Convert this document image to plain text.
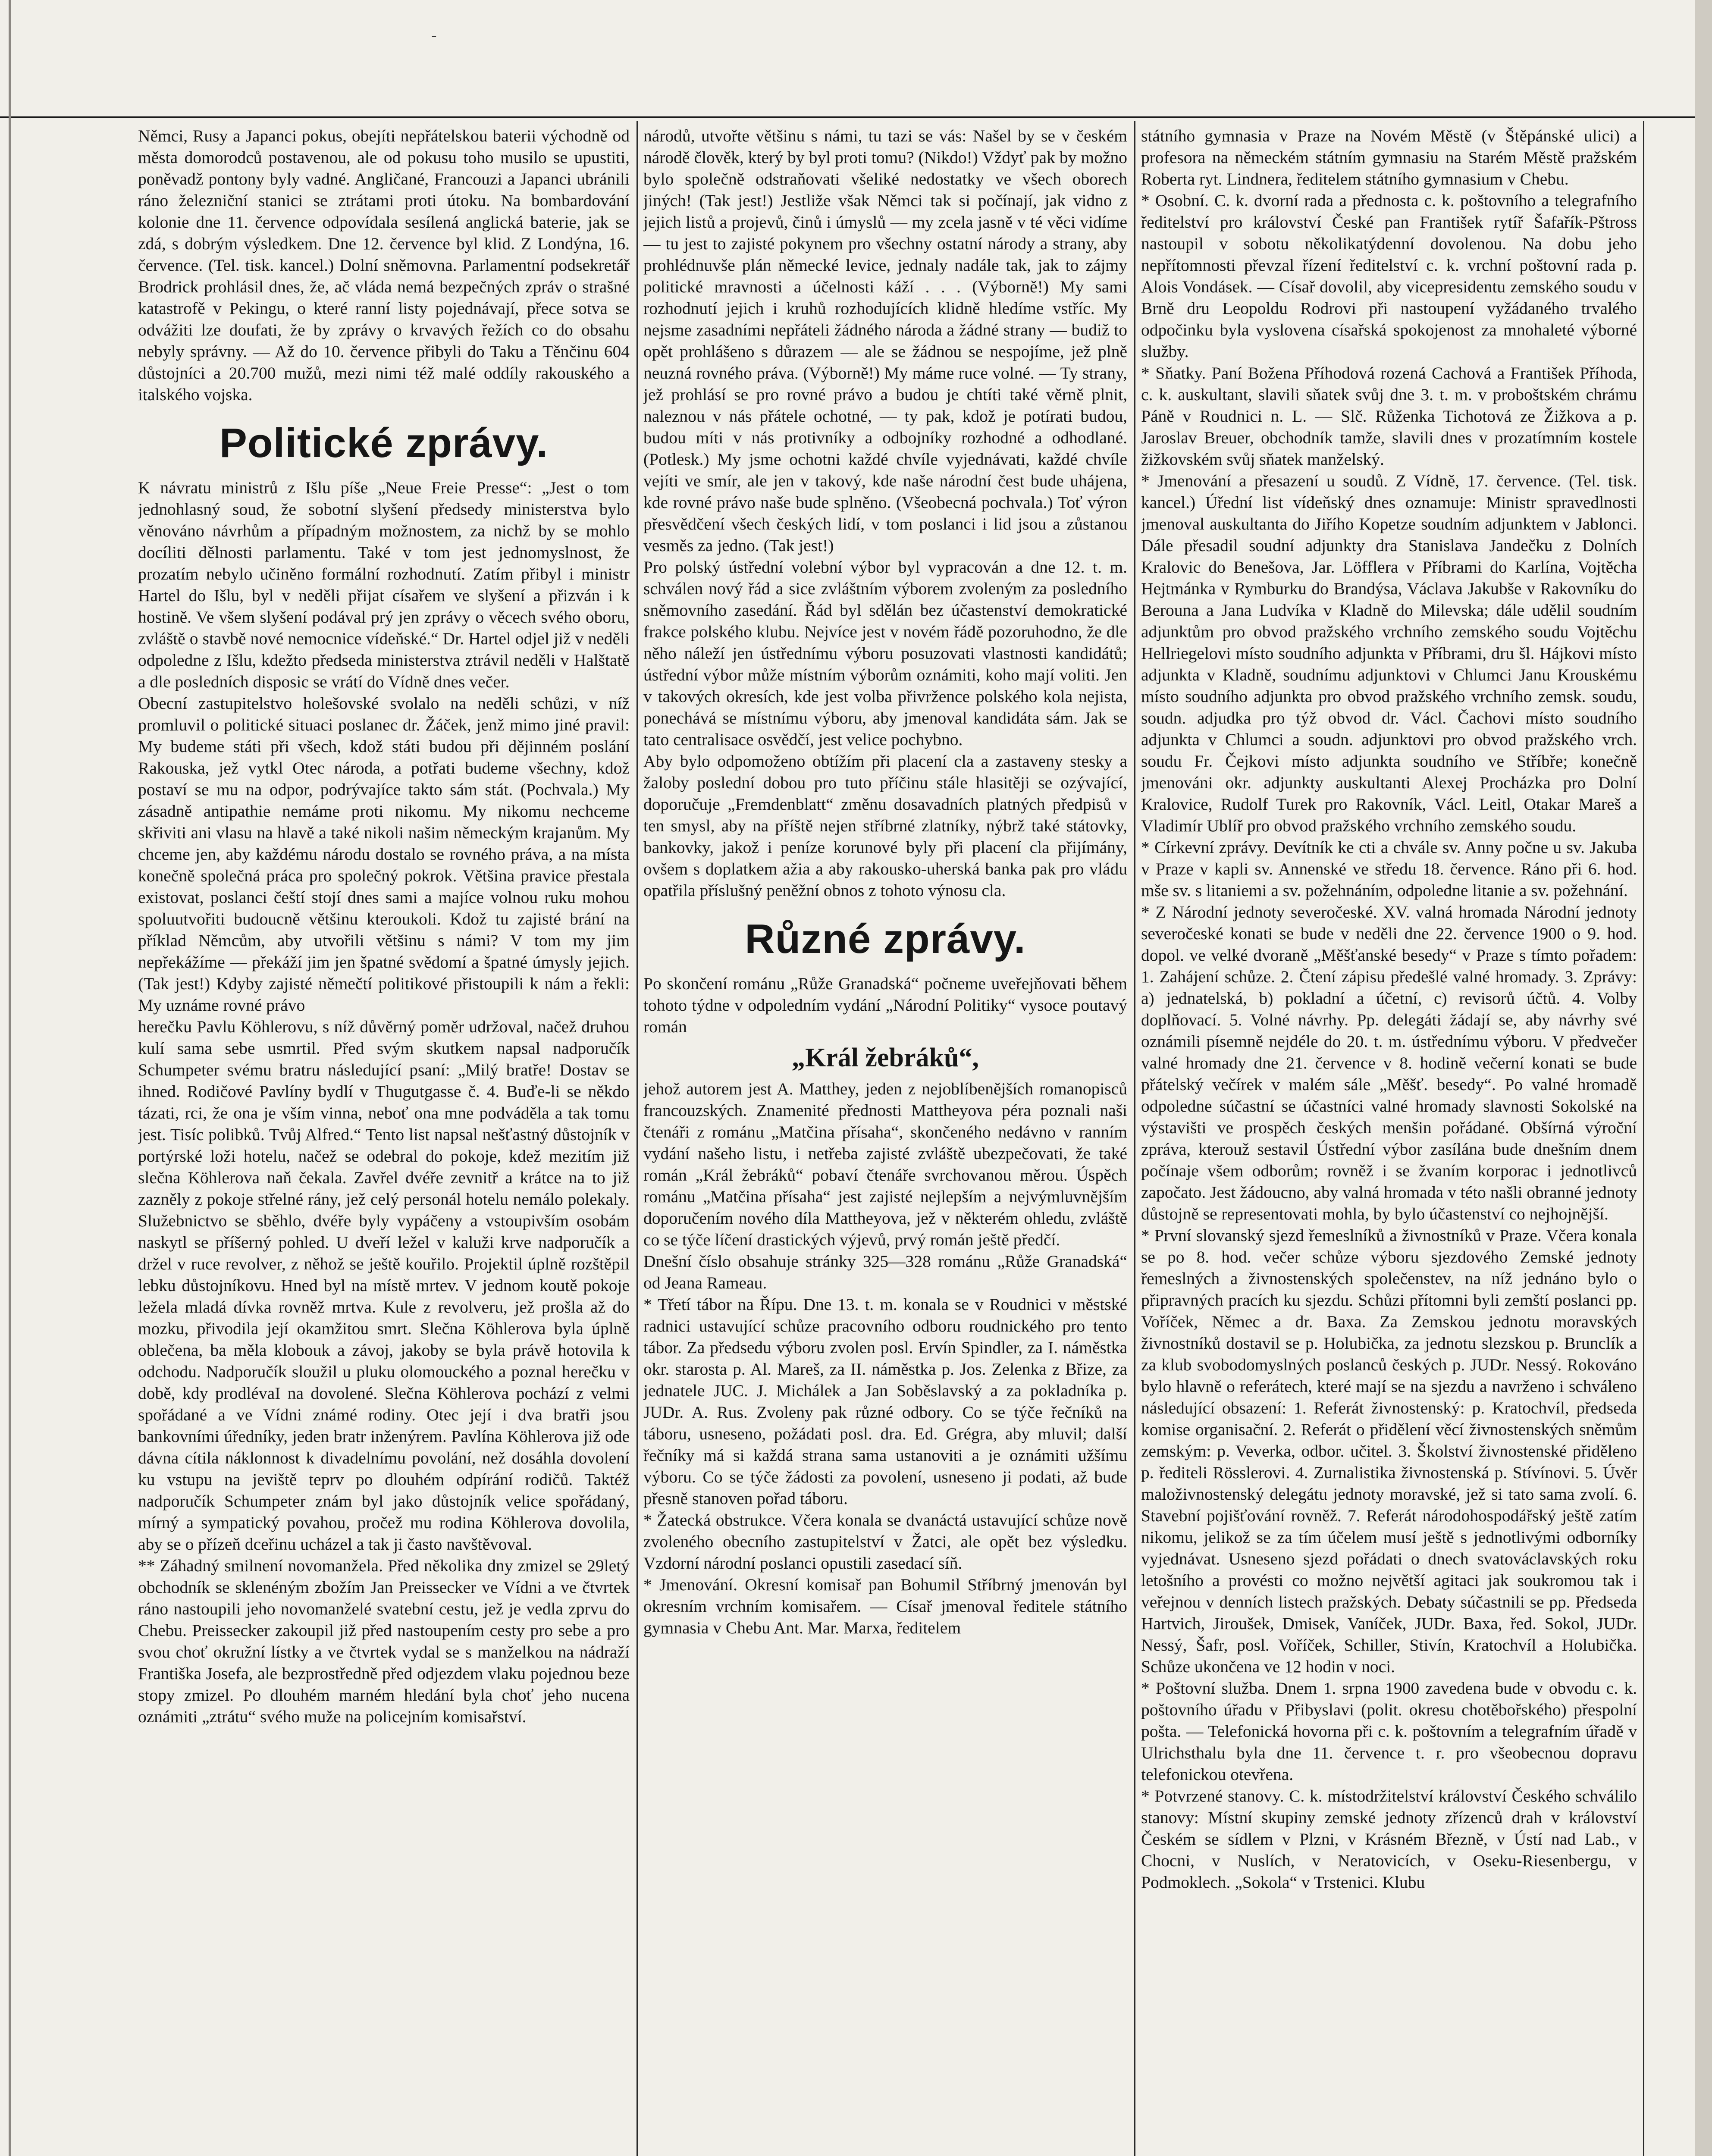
-

Němci, Rusy a Japanci pokus, obejíti nepřátelskou baterii východně od města domorodců postavenou, ale od pokusu toho musilo se upustiti, poněvadž pontony byly vadné. Angličané, Francouzi a Japanci ubránili ráno železniční stanici se ztrátami proti útoku. Na bombardování kolonie dne 11. července odpovídala sesílená anglická baterie, jak se zdá, s dobrým výsledkem. Dne 12. července byl klid. Z Londýna, 16. července. (Tel. tisk. kancel.) Dolní sněmovna. Parlamentní podsekretář Brodrick prohlásil dnes, že, ač vláda nemá bezpečných zpráv o strašné katastrofě v Pekingu, o které ranní listy pojednávají, přece sotva se odvážiti lze doufati, že by zprávy o krvavých řežích co do obsahu nebyly správny. — Až do 10. července přibyli do Taku a Těnčinu 604 důstojníci a 20.700 mužů, mezi nimi též malé oddíly rakouského a italského vojska.

Politické zprávy.

K návratu ministrů z Išlu píše „Neue Freie Presse“: „Jest o tom jednohlasný soud, že sobotní slyšení předsedy ministerstva bylo věnováno návrhům a případným možnostem, za nichž by se mohlo docíliti dělnosti parlamentu. Také v tom jest jednomyslnost, že prozatím nebylo učiněno formální rozhodnutí. Zatím přibyl i ministr Hartel do Išlu, byl v neděli přijat císařem ve slyšení a přizván i k hostině. Ve všem slyšení podával prý jen zprávy o věcech svého oboru, zvláště o stavbě nové nemocnice vídeňské.“ Dr. Hartel odjel již v neděli odpoledne z Išlu, kdežto předseda ministerstva ztrávil neděli v Halštatě a dle posledních disposic se vrátí do Vídně dnes večer.

Obecní zastupitelstvo holešovské svolalo na neděli schůzi, v níž promluvil o politické situaci poslanec dr. Žáček, jenž mimo jiné pravil: My budeme státi při všech, kdož státi budou při dějinném poslání Rakouska, jež vytkl Otec národa, a potřati budeme všechny, kdož postaví se mu na odpor, podrývajíce takto sám stát. (Pochvala.) My zásadně antipathie nemáme proti nikomu. My nikomu nechceme skřiviti ani vlasu na hlavě a také nikoli našim německým krajanům. My chceme jen, aby každému národu dostalo se rovného práva, a na místa konečně společná práca pro společný pokrok. Většina pravice přestala existovat, poslanci čeští stojí dnes sami a majíce volnou ruku mohou spoluutvořiti budoucně většinu kteroukoli. Kdož tu zajisté brání na příklad Němcům, aby utvořili většinu s námi? V tom my jim nepřekážíme — překáží jim jen špatné svědomí a špatné úmysly jejich. (Tak jest!) Kdyby zajisté němečtí politikové přistoupili k nám a řekli: My uznáme rovné právo

herečku Pavlu Köhlerovu, s níž důvěrný poměr udržoval, načež druhou kulí sama sebe usmrtil. Před svým skutkem napsal nadporučík Schumpeter svému bratru následující psaní: „Milý bratře! Dostav se ihned. Rodičové Pavlíny bydlí v Thugutgasse č. 4. Buďe-li se někdo tázati, rci, že ona je vším vinna, neboť ona mne podváděla a tak tomu jest. Tisíc polibků. Tvůj Alfred.“ Tento list napsal nešťastný důstojník v portýrské loži hotelu, načež se odebral do pokoje, kdež mezitím již slečna Köhlerova naň čekala. Zavřel dvéře zevnitř a krátce na to již zazněly z pokoje střelné rány, jež celý personál hotelu nemálo polekaly. Služebnictvo se sběhlo, dvéře byly vypáčeny a vstoupivším osobám naskytl se příšerný pohled. U dveří ležel v kaluži krve nadporučík a držel v ruce revolver, z něhož se ještě kouřilo. Projektil úplně rozštěpil lebku důstojníkovu. Hned byl na místě mrtev. V jednom koutě pokoje ležela mladá dívka rovněž mrtva. Kule z revolveru, jež prošla až do mozku, přivodila její okamžitou smrt. Slečna Köhlerova byla úplně oblečena, ba měla klobouk a závoj, jakoby se byla právě hotovila k odchodu. Nadporučík sloužil u pluku olomouckého a poznal herečku v době, kdy prodlévaI na dovolené. Slečna Köhlerova pochází z velmi spořádané a ve Vídni známé rodiny. Otec její i dva bratři jsou bankovními úředníky, jeden bratr inženýrem. Pavlína Köhlerova již ode dávna cítila náklonnost k divadelnímu povolání, než dosáhla dovolení ku vstupu na jeviště teprv po dlouhém odpírání rodičů. Taktéž nadporučík Schumpeter znám byl jako důstojník velice spořádaný, mírný a sympatický povahou, pročež mu rodina Köhlerova dovolila, aby se o přízeň dceřinu ucházel a tak ji často navštěvoval.

** Záhadný smilnení novomanžela. Před několika dny zmizel se 29letý obchodník se sklenéným zbožím Jan Preissecker ve Vídni a ve čtvrtek ráno nastoupili jeho novomanželé svatební cestu, jež je vedla zprvu do Chebu. Preissecker zakoupil již před nastoupením cesty pro sebe a pro svou choť okružní lístky a ve čtvrtek vydal se s manželkou na nádraží Františka Josefa, ale bezprostředně před odjezdem vlaku pojednou beze stopy zmizel. Po dlouhém marném hledání byla choť jeho nucena oznámiti „ztrátu“ svého muže na policejním komisařství.

národů, utvořte většinu s námi, tu tazi se vás: Našel by se v českém národě člověk, který by byl proti tomu? (Nikdo!) Vždyť pak by možno bylo společně odstraňovati všeliké nedostatky ve všech oborech jiných! (Tak jest!) Jestliže však Němci tak si počínají, jak vidno z jejich listů a projevů, činů i úmyslů — my zcela jasně v té věci vidíme — tu jest to zajisté pokynem pro všechny ostatní národy a strany, aby prohlédnuvše plán německé levice, jednaly nadále tak, jak to zájmy politické mravnosti a účelnosti káží . . . (Výborně!) My sami rozhodnutí jejich i kruhů rozhodujících klidně hledíme vstříc. My nejsme zasadními nepřáteli žádného národa a žádné strany — budiž to opět prohlášeno s důrazem — ale se žádnou se nespojíme, jež plně neuzná rovného práva. (Výborně!) My máme ruce volné. — Ty strany, jež prohlásí se pro rovné právo a budou je chtíti také věrně plnit, naleznou v nás přátele ochotné, — ty pak, kdož je potírati budou, budou míti v nás protivníky a odbojníky rozhodné a odhodlané. (Potlesk.) My jsme ochotni každé chvíle vyjednávati, každé chvíle vejíti ve smír, ale jen v takový, kde naše národní čest bude uhájena, kde rovné právo naše bude splněno. (Všeobecná pochvala.) Toť výron přesvědčení všech českých lidí, v tom poslanci i lid jsou a zůstanou vesměs za jedno. (Tak jest!)

Pro polský ústřední volební výbor byl vypracován a dne 12. t. m. schválen nový řád a sice zvláštním výborem zvoleným za posledního sněmovního zasedání. Řád byl sdělán bez účastenství demokratické frakce polského klubu. Nejvíce jest v novém řádě pozoruhodno, že dle něho náleží jen ústřednímu výboru posuzovati vlastnosti kandidátů; ústřední výbor může místním výborům oznámiti, koho mají voliti. Jen v takových okresích, kde jest volba přivržence polského kola nejista, ponechává se místnímu výboru, aby jmenoval kandidáta sám. Jak se tato centralisace osvědčí, jest velice pochybno.

Aby bylo odpomoženo obtížím při placení cla a zastaveny stesky a žaloby poslední dobou pro tuto příčinu stále hlasitěji se ozývající, doporučuje „Fremdenblatt“ změnu dosavadních platných předpisů v ten smysl, aby na příště nejen stříbrné zlatníky, nýbrž také státovky, bankovky, jakož i peníze korunové byly při placení cla přijímány, ovšem s doplatkem ažia a aby rakousko-uherská banka pak pro vládu opatřila příslušný peněžní obnos z tohoto výnosu cla.

Různé zprávy.

Po skončení románu „Růže Granadská“ počneme uveřejňovati během tohoto týdne v odpoledním vydání „Národní Politiky“ vysoce poutavý román

„Král žebráků“,

jehož autorem jest A. Matthey, jeden z nejoblíbenějších romanopisců francouzských. Znamenité přednosti Mattheyova péra poznali naši čtenáři z románu „Matčina přísaha“, skončeného nedávno v ranním vydání našeho listu, i netřeba zajisté zvláště ubezpečovati, že také román „Král žebráků“ pobaví čtenáře svrchovanou měrou. Úspěch románu „Matčina přísaha“ jest zajisté nejlepším a nejvýmluvnějším doporučením nového díla Mattheyova, jež v některém ohledu, zvláště co se týče líčení drastických výjevů, prvý román ještě předčí.

Dnešní číslo obsahuje stránky 325—328 románu „Růže Granadská“ od Jeana Rameau.

* Třetí tábor na Řípu. Dne 13. t. m. konala se v Roudnici v městské radnici ustavující schůze pracovního odboru roudnického pro tento tábor. Za předsedu výboru zvolen posl. Ervín Spindler, za I. náměstka okr. starosta p. Al. Mareš, za II. náměstka p. Jos. Zelenka z Břize, za jednatele JUC. J. Michálek a Jan Soběslavský a za pokladníka p. JUDr. A. Rus. Zvoleny pak různé odbory. Co se týče řečníků na táboru, usneseno, požádati posl. dra. Ed. Grégra, aby mluvil; další řečníky má si každá strana sama ustanoviti a je oznámiti užšímu výboru. Co se týče žádosti za povolení, usneseno ji podati, až bude přesně stanoven pořad táboru.

* Žatecká obstrukce. Včera konala se dvanáctá ustavující schůze nově zvoleného obecního zastupitelství v Žatci, ale opět bez výsledku. Vzdorní národní poslanci opustili zasedací síň.

* Jmenování. Okresní komisař pan Bohumil Stříbrný jmenován byl okresním vrchním komisařem. — Císař jmenoval ředitele státního gymnasia v Chebu Ant. Mar. Marxa, ředitelem

státního gymnasia v Praze na Novém Městě (v Štěpánské ulici) a profesora na německém státním gymnasiu na Starém Městě pražském Roberta ryt. Lindnera, ředitelem státního gymnasium v Chebu.

* Osobní. C. k. dvorní rada a přednosta c. k. poštovního a telegrafního ředitelství pro království České pan František rytíř Šafařík-Pštross nastoupil v sobotu několikatýdenní dovolenou. Na dobu jeho nepřítomnosti převzal řízení ředitelství c. k. vrchní poštovní rada p. Alois Vondásek. — Císař dovolil, aby vicepresidentu zemského soudu v Brně dru Leopoldu Rodrovi při nastoupení vyžádaného trvalého odpočinku byla vyslovena císařská spokojenost za mnohaleté výborné služby.

* Sňatky. Paní Božena Příhodová rozená Cachová a František Příhoda, c. k. auskultant, slavili sňatek svůj dne 3. t. m. v proboštském chrámu Páně v Roudnici n. L. — Slč. Růženka Tichotová ze Žižkova a p. Jaroslav Breuer, obchodník tamže, slavili dnes v prozatímním kostele žižkovském svůj sňatek manželský.

* Jmenování a přesazení u soudů. Z Vídně, 17. července. (Tel. tisk. kancel.) Úřední list vídeňský dnes oznamuje: Ministr spravedlnosti jmenoval auskultanta do Jiřího Kopetze soudním adjunktem v Jablonci. Dále přesadil soudní adjunkty dra Stanislava Jandečku z Dolních Kralovic do Benešova, Jar. Löfflera v Příbrami do Karlína, Vojtěcha Hejtmánka v Rymburku do Brandýsa, Václava Jakubše v Rakovníku do Berouna a Jana Ludvíka v Kladně do Milevska; dále udělil soudním adjunktům pro obvod pražského vrchního zemského soudu Vojtěchu Hellriegelovi místo soudního adjunkta v Příbrami, dru šl. Hájkovi místo adjunkta v Kladně, soudnímu adjunktovi v Chlumci Janu Krouskému místo soudního adjunkta pro obvod pražského vrchního zemsk. soudu, soudn. adjudka pro týž obvod dr. Václ. Čachovi místo soudního adjunkta v Chlumci a soudn. adjunktovi pro obvod pražského vrch. soudu Fr. Čejkovi místo adjunkta soudního ve Stříbře; konečně jmenováni okr. adjunkty auskultanti Alexej Procházka pro Dolní Kralovice, Rudolf Turek pro Rakovník, Václ. Leitl, Otakar Mareš a Vladimír Ublíř pro obvod pražského vrchního zemského soudu.

* Církevní zprávy. Devítník ke cti a chvále sv. Anny počne u sv. Jakuba v Praze v kapli sv. Annenské ve středu 18. července. Ráno při 6. hod. mše sv. s litaniemi a sv. požehnáním, odpoledne litanie a sv. požehnání.

* Z Národní jednoty severočeské. XV. valná hromada Národní jednoty severočeské konati se bude v neděli dne 22. července 1900 o 9. hod. dopol. ve velké dvoraně „Měšťanské besedy“ v Praze s tímto pořadem: 1. Zahájení schůze. 2. Čtení zápisu předešlé valné hromady. 3. Zprávy: a) jednatelská, b) pokladní a účetní, c) revisorů účtů. 4. Volby doplňovací. 5. Volné návrhy. Pp. delegáti žádají se, aby návrhy své oznámili písemně nejdéle do 20. t. m. ústřednímu výboru. V předvečer valné hromady dne 21. července v 8. hodině večerní konati se bude přátelský večírek v malém sále „Měšť. besedy“. Po valné hromadě odpoledne súčastní se účastníci valné hromady slavnosti Sokolské na výstavišti ve prospěch českých menšin pořádané. Obšírná výroční zpráva, kterouž sestavil Ústřední výbor zasílána bude dnešním dnem počínaje všem odborům; rovněž i se žvaním korporac i jednotlivců započato. Jest žádoucno, aby valná hromada v této našli obranné jednoty důstojně se representovati mohla, by bylo účastenství co nejhojnější.

* První slovanský sjezd řemeslníků a živnostníků v Praze. Včera konala se po 8. hod. večer schůze výboru sjezdového Zemské jednoty řemeslných a živnostenských společenstev, na níž jednáno bylo o připravných pracích ku sjezdu. Schůzi přítomni byli zemští poslanci pp. Voříček, Němec a dr. Baxa. Za Zemskou jednotu moravských živnostníků dostavil se p. Holubička, za jednotu slezskou p. Brunclík a za klub svobodomyslných poslanců českých p. JUDr. Nessý. Rokováno bylo hlavně o referátech, které mají se na sjezdu a navrženo i schváleno následující obsazení: 1. Referát živnostenský: p. Kratochvíl, předseda komise organisační. 2. Referát o přidělení věcí živnostenských sněmům zemským: p. Veverka, odbor. učitel. 3. Školství živnostenské přiděleno p. řediteli Rösslerovi. 4. Zurnalistika živnostenská p. Stívínovi. 5. Úvěr maloživnostenský delegátu jednoty moravské, jež si tato sama zvolí. 6. Stavební pojišťování rovněž. 7. Referát národohospodářský ještě zatím nikomu, jelikož se za tím účelem musí ještě s jednotlivými odborníky vyjednávat. Usneseno sjezd pořádati o dnech svatováclavských roku letošního a provésti co možno největší agitaci jak soukromou tak i veřejnou v denních listech pražských. Debaty súčastnili se pp. Předseda Hartvich, Jiroušek, Dmisek, Vaníček, JUDr. Baxa, řed. Sokol, JUDr. Nessý, Šafr, posl. Voříček, Schiller, Stivín, Kratochvíl a Holubička. Schůze ukončena ve 12 hodin v noci.

* Poštovní služba. Dnem 1. srpna 1900 zavedena bude v obvodu c. k. poštovního úřadu v Přibyslavi (polit. okresu chotěbořského) přespolní pošta. — Telefonická hovorna při c. k. poštovním a telegrafním úřadě v Ulrichsthalu byla dne 11. července t. r. pro všeobecnou dopravu telefonickou otevřena.

* Potvrzené stanovy. C. k. místodržitelství království Českého schválilo stanovy: Místní skupiny zemské jednoty zřízenců drah v království Českém se sídlem v Plzni, v Krásném Březně, v Ústí nad Lab., v Chocni, v Nuslích, v Neratovicích, v Oseku-Riesenbergu, v Podmoklech. „Sokola“ v Trstenici. Klubu
